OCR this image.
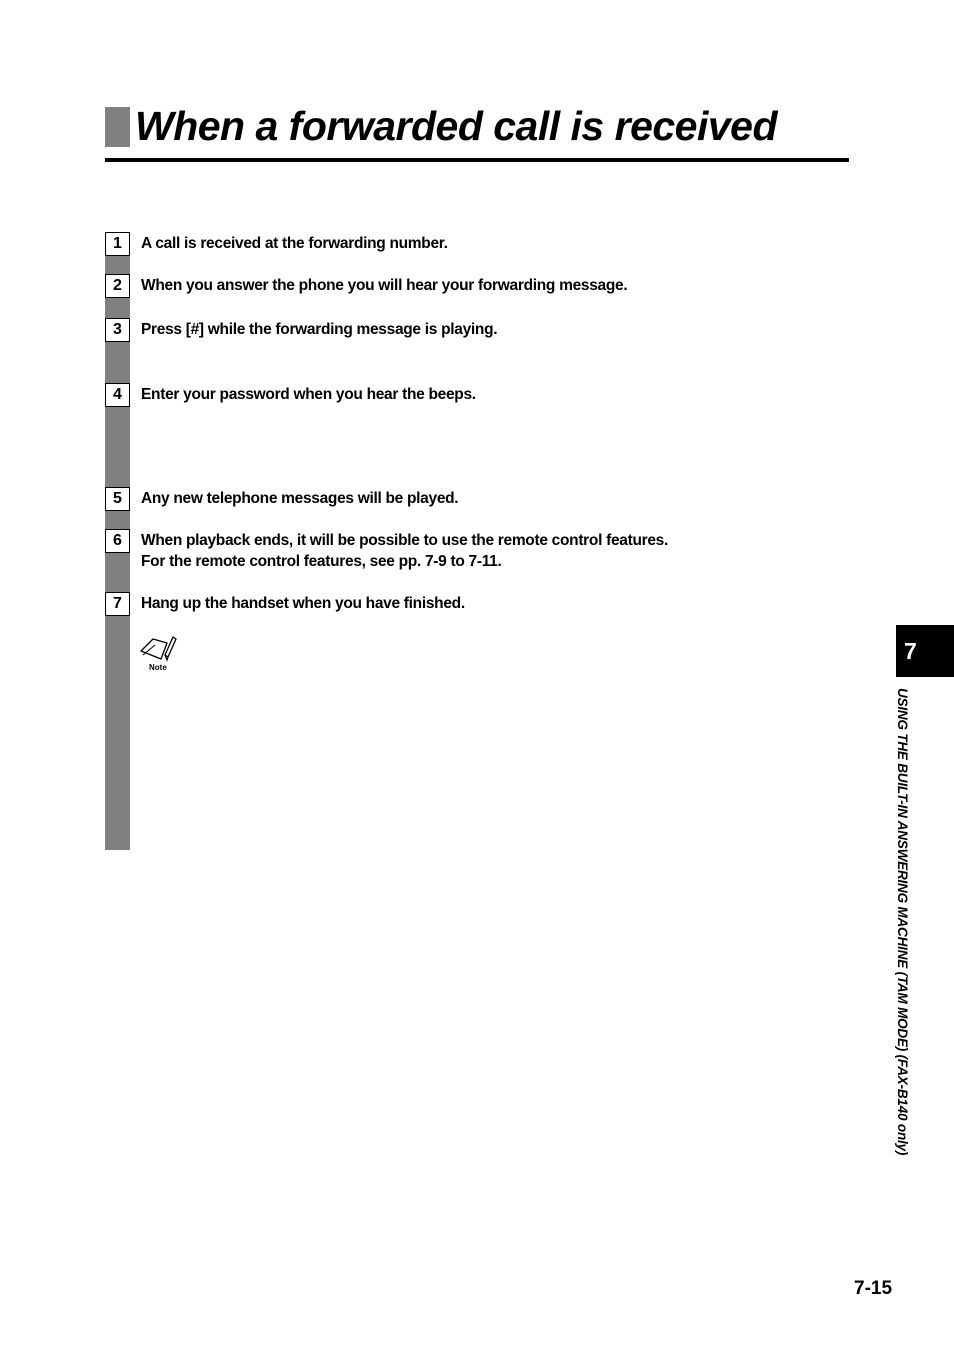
When a forwarded call is received
1	A call is received at the forwarding number.

2	When you answer the phone you will hear your forwarding message.

3	Press [#] while the forwarding message is playing.

4	Enter your password when you hear the beeps.

5	Any new telephone messages will be played.

6	When playback ends, it will be possible to use the remote control features.
For the remote control features, see pp. 7-9 to 7-11.

7	Hang up the handset when you have finished.

Note
7
USING THE BUILT-IN ANSWERING MACHINE (TAM MODE) (FAX-B140 only)
7-15
